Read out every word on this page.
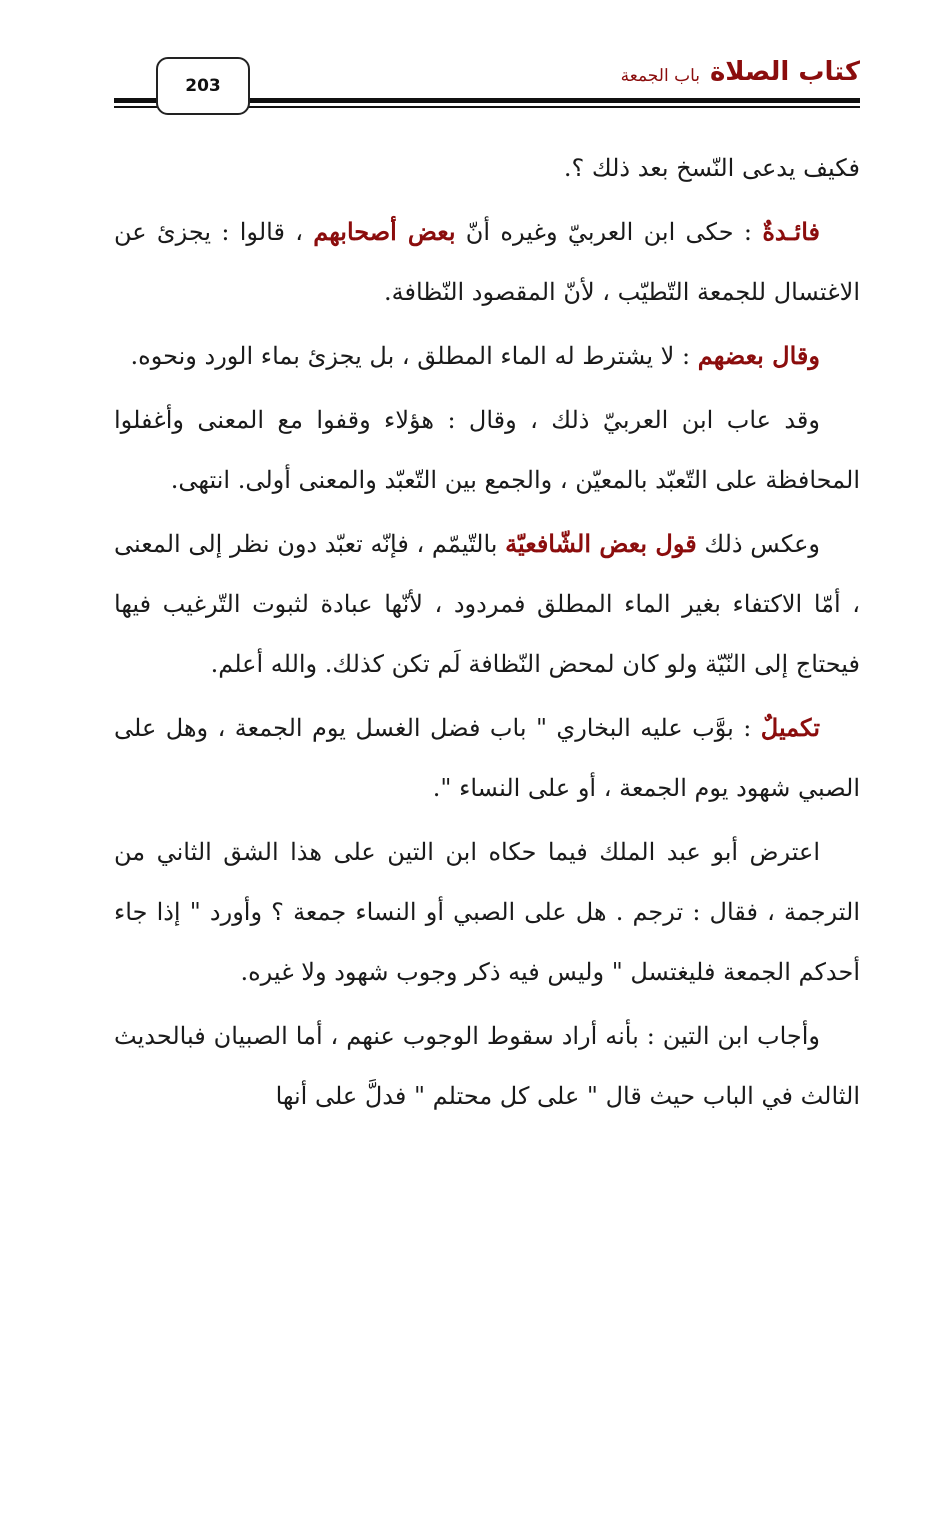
كتاب الصلاة
باب الجمعة
203

فكيف يدعى النّسخ بعد ذلك ؟.

فائـدةٌ : حكى ابن العربيّ وغيره أنّ بعض أصحابهم ، قالوا : يجزئ عن الاغتسال للجمعة التّطيّب ، لأنّ المقصود النّظافة.

وقال بعضهم : لا يشترط له الماء المطلق ، بل يجزئ بماء الورد ونحوه.

وقد عاب ابن العربيّ ذلك ، وقال : هؤلاء وقفوا مع المعنى وأغفلوا المحافظة على التّعبّد بالمعيّن ، والجمع بين التّعبّد والمعنى أولى. انتهى.

وعكس ذلك قول بعض الشّافعيّة بالتّيمّم ، فإنّه تعبّد دون نظر إلى المعنى ، أمّا الاكتفاء بغير الماء المطلق فمردود ، لأنّها عبادة لثبوت التّرغيب فيها فيحتاج إلى النّيّة ولو كان لمحض النّظافة لَم تكن كذلك. والله أعلم.

تكميلٌ : بوَّب عليه البخاري " باب فضل الغسل يوم الجمعة ، وهل على الصبي شهود يوم الجمعة ، أو على النساء ".

اعترض أبو عبد الملك فيما حكاه ابن التين على هذا الشق الثاني من الترجمة ، فقال : ترجم . هل على الصبي أو النساء جمعة ؟ وأورد " إذا جاء أحدكم الجمعة فليغتسل " وليس فيه ذكر وجوب شهود ولا غيره.

وأجاب ابن التين : بأنه أراد سقوط الوجوب عنهم ، أما الصبيان فبالحديث الثالث في الباب حيث قال " على كل محتلم " فدلَّ على أنها
